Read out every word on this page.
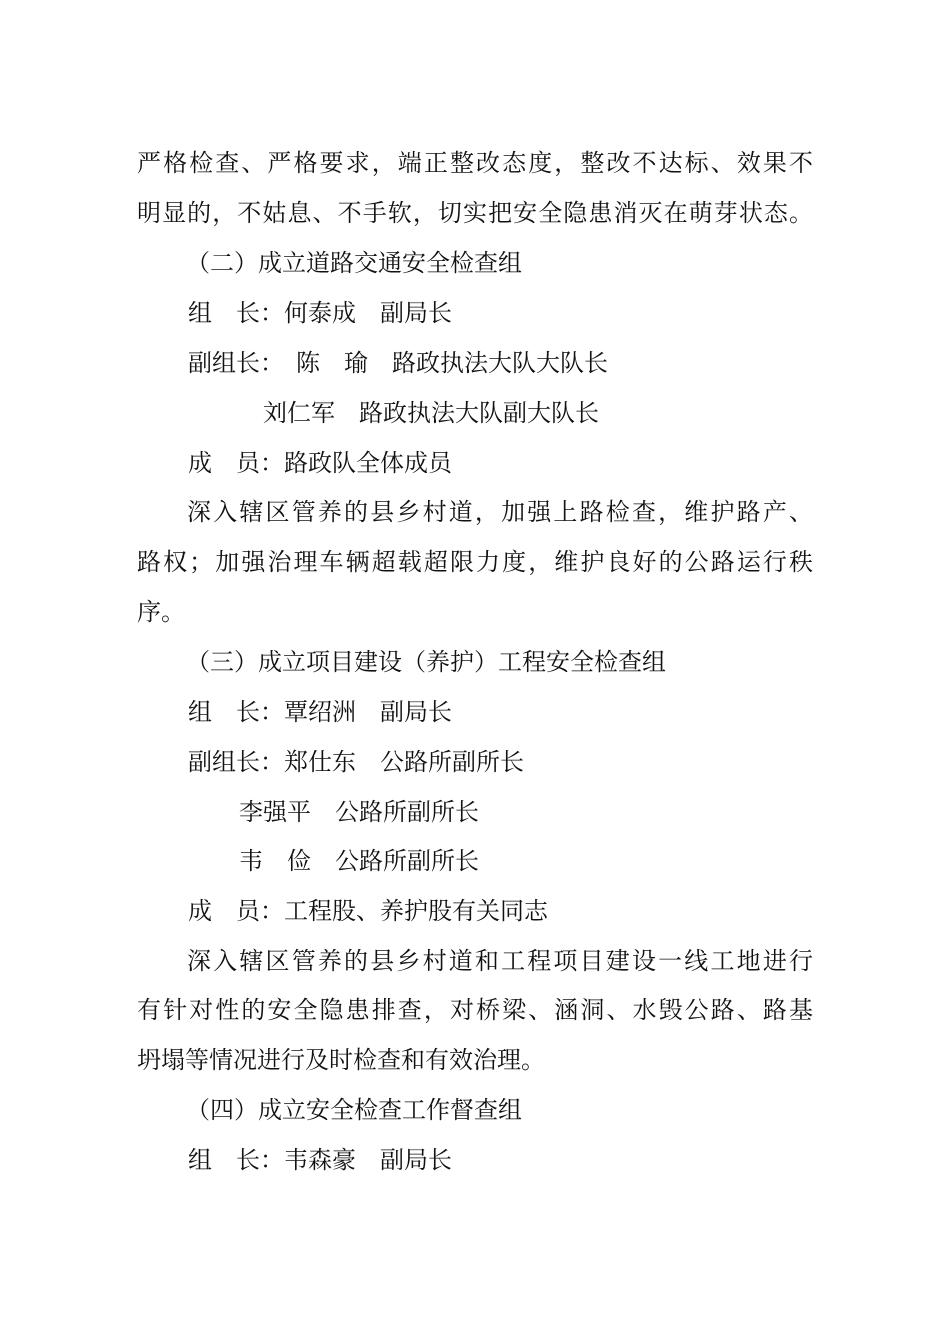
严格检查、严格要求，端正整改态度，整改不达标、效果不
明显的，不姑息、不手软，切实把安全隐患消灭在萌芽状态。
（二）成立道路交通安全检查组
组　长：何泰成　副局长
副组长：　陈　瑜　路政执法大队大队长
刘仁军　路政执法大队副大队长
成　员：路政队全体成员
深入辖区管养的县乡村道，加强上路检查，维护路产、
路权；加强治理车辆超载超限力度，维护良好的公路运行秩
序。
（三）成立项目建设（养护）工程安全检查组
组　长：覃绍洲　副局长
副组长：郑仕东　公路所副所长
李强平　公路所副所长
韦　俭　公路所副所长
成　员：工程股、养护股有关同志
深入辖区管养的县乡村道和工程项目建设一线工地进行
有针对性的安全隐患排查，对桥梁、涵洞、水毁公路、路基
坍塌等情况进行及时检查和有效治理。
（四）成立安全检查工作督查组
组　长：韦森豪　副局长
